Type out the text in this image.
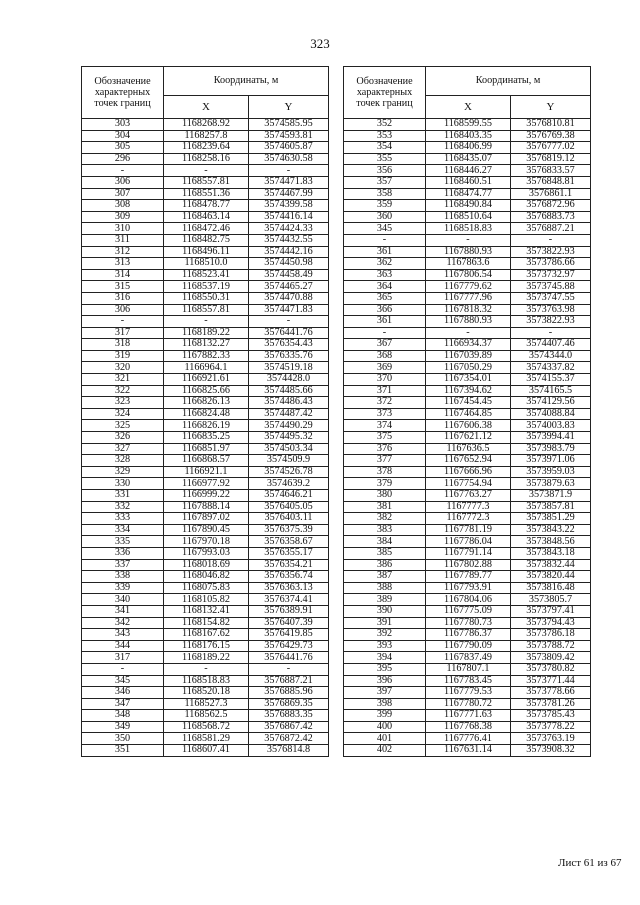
323
Обозначение характерных точек границ	Координаты, м	
	X	Y
303	1168268.92	3574585.95
304	1168257.8	3574593.81
305	1168239.64	3574605.87
296	1168258.16	3574630.58
-	-	-
306	1168557.81	3574471.83
307	1168551.36	3574467.99
308	1168478.77	3574399.58
309	1168463.14	3574416.14
310	1168472.46	3574424.33
311	1168482.75	3574432.55
312	1168496.11	3574442.16
313	1168510.0	3574450.98
314	1168523.41	3574458.49
315	1168537.19	3574465.27
316	1168550.31	3574470.88
306	1168557.81	3574471.83
-	-	-
317	1168189.22	3576441.76
318	1168132.27	3576354.43
319	1167882.33	3576335.76
320	1166964.1	3574519.18
321	1166921.61	3574428.0
322	1166825.66	3574485.66
323	1166826.13	3574486.43
324	1166824.48	3574487.42
325	1166826.19	3574490.29
326	1166835.25	3574495.32
327	1166851.97	3574503.34
328	1166868.57	3574509.9
329	1166921.1	3574526.78
330	1166977.92	3574639.2
331	1166999.22	3574646.21
332	1167888.14	3576405.05
333	1167897.02	3576403.11
334	1167890.45	3576375.39
335	1167970.18	3576358.67
336	1167993.03	3576355.17
337	1168018.69	3576354.21
338	1168046.82	3576356.74
339	1168075.83	3576363.13
340	1168105.82	3576374.41
341	1168132.41	3576389.91
342	1168154.82	3576407.39
343	1168167.62	3576419.85
344	1168176.15	3576429.73
317	1168189.22	3576441.76
-	-	-
345	1168518.83	3576887.21
346	1168520.18	3576885.96
347	1168527.3	3576869.35
348	1168562.5	3576883.35
349	1168568.72	3576867.42
350	1168581.29	3576872.42
351	1168607.41	3576814.8
Обозначение характерных точек границ	Координаты, м	
	X	Y
352	1168599.55	3576810.81
353	1168403.35	3576769.38
354	1168406.99	3576777.02
355	1168435.07	3576819.12
356	1168446.27	3576833.57
357	1168460.51	3576848.81
358	1168474.77	3576861.1
359	1168490.84	3576872.96
360	1168510.64	3576883.73
345	1168518.83	3576887.21
-	-	-
361	1167880.93	3573822.93
362	1167863.6	3573786.66
363	1167806.54	3573732.97
364	1167779.62	3573745.88
365	1167777.96	3573747.55
366	1167818.32	3573763.98
361	1167880.93	3573822.93
-	-	-
367	1166934.37	3574407.46
368	1167039.89	3574344.0
369	1167050.29	3574337.82
370	1167354.01	3574155.37
371	1167394.62	3574165.5
372	1167454.45	3574129.56
373	1167464.85	3574088.84
374	1167606.38	3574003.83
375	1167621.12	3573994.41
376	1167636.5	3573983.79
377	1167652.94	3573971.06
378	1167666.96	3573959.03
379	1167754.94	3573879.63
380	1167763.27	3573871.9
381	1167777.3	3573857.81
382	1167772.3	3573851.29
383	1167781.19	3573843.22
384	1167786.04	3573848.56
385	1167791.14	3573843.18
386	1167802.88	3573832.44
387	1167789.77	3573820.44
388	1167793.91	3573816.48
389	1167804.06	3573805.7
390	1167775.09	3573797.41
391	1167780.73	3573794.43
392	1167786.37	3573786.18
393	1167790.09	3573788.72
394	1167837.49	3573809.42
395	1167807.1	3573780.82
396	1167783.45	3573771.44
397	1167779.53	3573778.66
398	1167780.72	3573781.26
399	1167771.63	3573785.43
400	1167768.38	3573778.22
401	1167776.41	3573763.19
402	1167631.14	3573908.32
Лист 61 из 67
